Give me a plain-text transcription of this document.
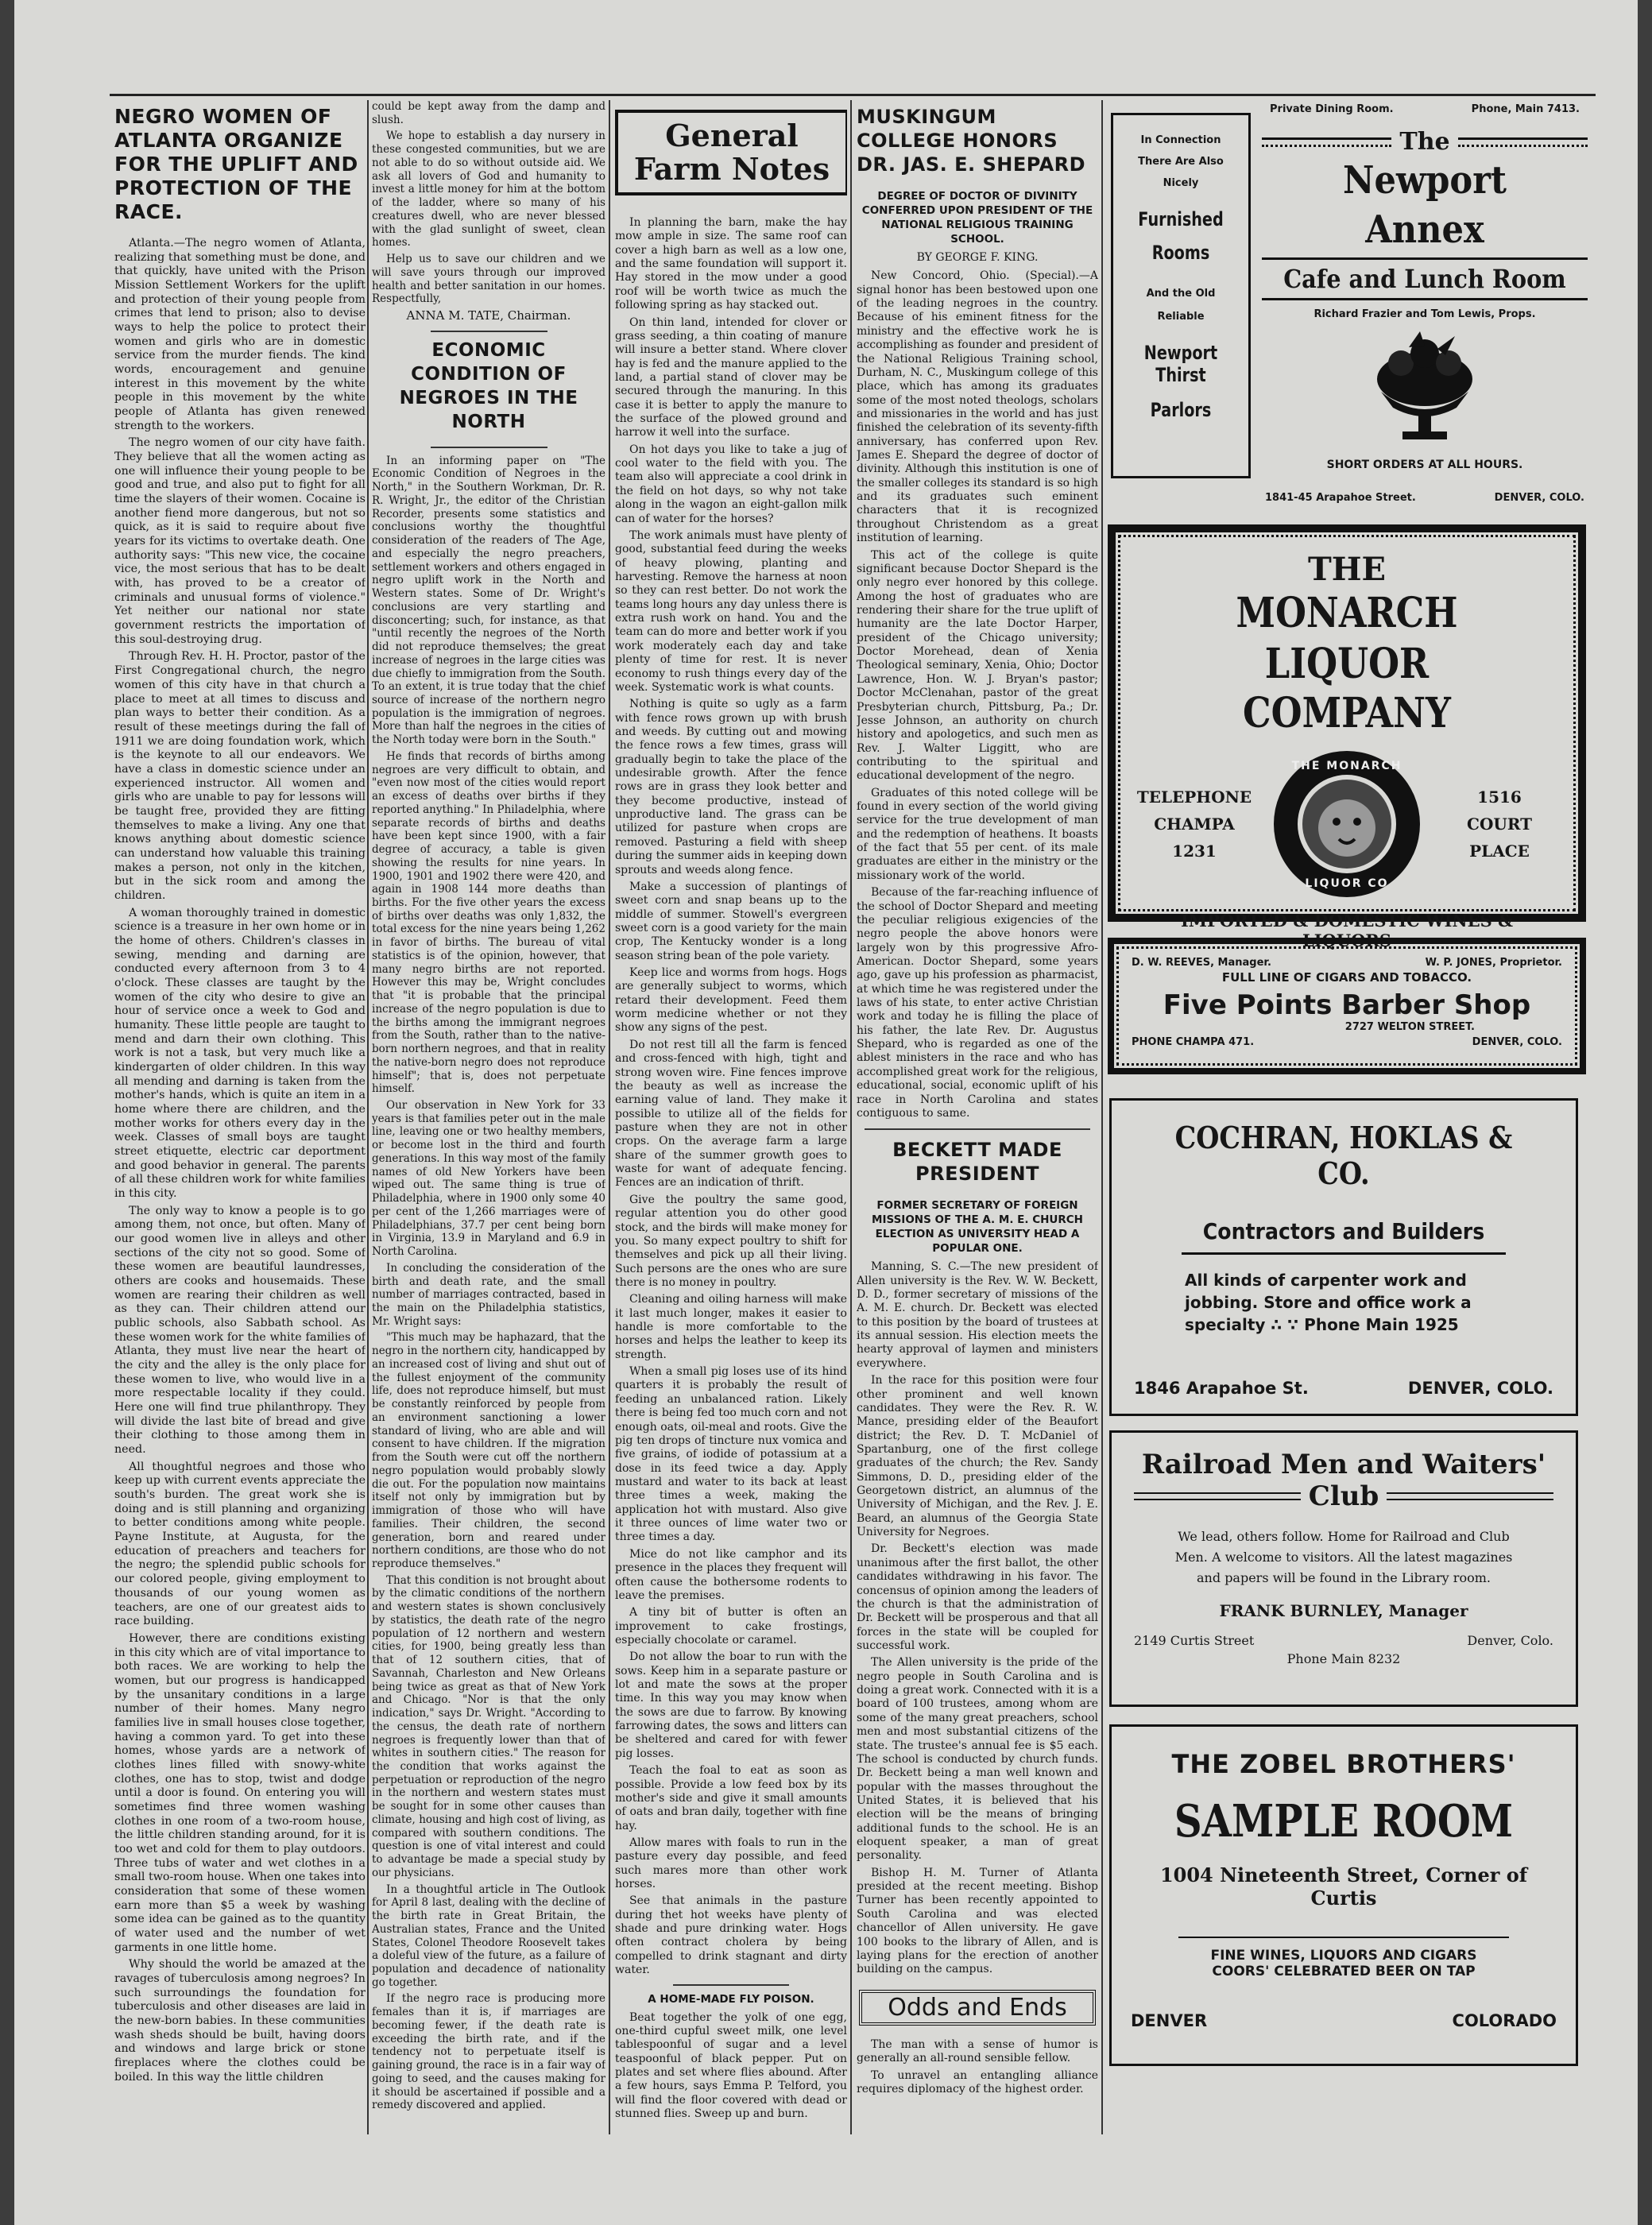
NEGRO WOMEN OF ATLANTA ORGANIZE FOR THE UPLIFT AND PROTECTION OF THE RACE.

Atlanta.—The negro women of Atlanta, realizing that something must be done, and that quickly, have united with the Prison Mission Settlement Workers for the uplift and protection of their young people from crimes that lend to prison; also to devise ways to help the police to protect their women and girls who are in domestic service from the murder fiends. The kind words, encouragement and genuine interest in this movement by the white people in this movement by the white people of Atlanta has given renewed strength to the workers.

The negro women of our city have faith. They believe that all the women acting as one will influence their young people to be good and true, and also put to fight for all time the slayers of their women. Cocaine is another fiend more dangerous, but not so quick, as it is said to require about five years for its victims to overtake death. One authority says: "This new vice, the cocaine vice, the most serious that has to be dealt with, has proved to be a creator of criminals and unusual forms of violence." Yet neither our national nor state government restricts the importation of this soul-destroying drug.

Through Rev. H. H. Proctor, pastor of the First Congregational church, the negro women of this city have in that church a place to meet at all times to discuss and plan ways to better their condition. As a result of these meetings during the fall of 1911 we are doing foundation work, which is the keynote to all our endeavors. We have a class in domestic science under an experienced instructor. All women and girls who are unable to pay for lessons will be taught free, provided they are fitting themselves to make a living. Any one that knows anything about domestic science can understand how valuable this training makes a person, not only in the kitchen, but in the sick room and among the children.

A woman thoroughly trained in domestic science is a treasure in her own home or in the home of others. Children's classes in sewing, mending and darning are conducted every afternoon from 3 to 4 o'clock. These classes are taught by the women of the city who desire to give an hour of service once a week to God and humanity. These little people are taught to mend and darn their own clothing. This work is not a task, but very much like a kindergarten of older children. In this way all mending and darning is taken from the mother's hands, which is quite an item in a home where there are children, and the mother works for others every day in the week. Classes of small boys are taught street etiquette, electric car deportment and good behavior in general. The parents of all these children work for white families in this city.

The only way to know a people is to go among them, not once, but often. Many of our good women live in alleys and other sections of the city not so good. Some of these women are beautiful laundresses, others are cooks and housemaids. These women are rearing their children as well as they can. Their children attend our public schools, also Sabbath school. As these women work for the white families of Atlanta, they must live near the heart of the city and the alley is the only place for these women to live, who would live in a more respectable locality if they could. Here one will find true philanthropy. They will divide the last bite of bread and give their clothing to those among them in need.

All thoughtful negroes and those who keep up with current events appreciate the south's burden. The great work she is doing and is still planning and organizing to better conditions among white people. Payne Institute, at Augusta, for the education of preachers and teachers for the negro; the splendid public schools for our colored people, giving employment to thousands of our young women as teachers, are one of our greatest aids to race building.

However, there are conditions existing in this city which are of vital importance to both races. We are working to help the women, but our progress is handicapped by the unsanitary conditions in a large number of their homes. Many negro families live in small houses close together, having a common yard. To get into these homes, whose yards are a network of clothes lines filled with snowy-white clothes, one has to stop, twist and dodge until a door is found. On entering you will sometimes find three women washing clothes in one room of a two-room house, the little children standing around, for it is too wet and cold for them to play outdoors. Three tubs of water and wet clothes in a small two-room house. When one takes into consideration that some of these women earn more than $5 a week by washing some idea can be gained as to the quantity of water used and the number of wet garments in one little home.

Why should the world be amazed at the ravages of tuberculosis among negroes? In such surroundings the foundation for tuberculosis and other diseases are laid in the new-born babies. In these communities wash sheds should be built, having doors and windows and large brick or stone fireplaces where the clothes could be boiled. In this way the little children

could be kept away from the damp and slush.

We hope to establish a day nursery in these congested communities, but we are not able to do so without outside aid. We ask all lovers of God and humanity to invest a little money for him at the bottom of the ladder, where so many of his creatures dwell, who are never blessed with the glad sunlight of sweet, clean homes.

Help us to save our children and we will save yours through our improved health and better sanitation in our homes. Respectfully,

ANNA M. TATE, Chairman.
ECONOMIC CONDITION OF NEGROES IN THE NORTH

In an informing paper on "The Economic Condition of Negroes in the North," in the Southern Workman, Dr. R. R. Wright, Jr., the editor of the Christian Recorder, presents some statistics and conclusions worthy the thoughtful consideration of the readers of The Age, and especially the negro preachers, settlement workers and others engaged in negro uplift work in the North and Western states. Some of Dr. Wright's conclusions are very startling and disconcerting; such, for instance, as that "until recently the negroes of the North did not reproduce themselves; the great increase of negroes in the large cities was due chiefly to immigration from the South. To an extent, it is true today that the chief source of increase of the northern negro population is the immigration of negroes. More than half the negroes in the cities of the North today were born in the South."

He finds that records of births among negroes are very difficult to obtain, and "even now most of the cities would report an excess of deaths over births if they reported anything." In Philadelphia, where separate records of births and deaths have been kept since 1900, with a fair degree of accuracy, a table is given showing the results for nine years. In 1900, 1901 and 1902 there were 420, and again in 1908 144 more deaths than births. For the five other years the excess of births over deaths was only 1,832, the total excess for the nine years being 1,262 in favor of births. The bureau of vital statistics is of the opinion, however, that many negro births are not reported. However this may be, Wright concludes that "it is probable that the principal increase of the negro population is due to the births among the immigrant negroes from the South, rather than to the native-born northern negroes, and that in reality the native-born negro does not reproduce himself"; that is, does not perpetuate himself.

Our observation in New York for 33 years is that families peter out in the male line, leaving one or two healthy members, or become lost in the third and fourth generations. In this way most of the family names of old New Yorkers have been wiped out. The same thing is true of Philadelphia, where in 1900 only some 40 per cent of the 1,266 marriages were of Philadelphians, 37.7 per cent being born in Virginia, 13.9 in Maryland and 6.9 in North Carolina.

In concluding the consideration of the birth and death rate, and the small number of marriages contracted, based in the main on the Philadelphia statistics, Mr. Wright says:

"This much may be haphazard, that the negro in the northern city, handicapped by an increased cost of living and shut out of the fullest enjoyment of the community life, does not reproduce himself, but must be constantly reinforced by people from an environment sanctioning a lower standard of living, who are able and will consent to have children. If the migration from the South were cut off the northern negro population would probably slowly die out. For the population now maintains itself not only by immigration but by immigration of those who will have families. Their children, the second generation, born and reared under northern conditions, are those who do not reproduce themselves."

That this condition is not brought about by the climatic conditions of the northern and western states is shown conclusively by statistics, the death rate of the negro population of 12 northern and western cities, for 1900, being greatly less than that of 12 southern cities, that of Savannah, Charleston and New Orleans being twice as great as that of New York and Chicago. "Nor is that the only indication," says Dr. Wright. "According to the census, the death rate of northern negroes is frequently lower than that of whites in southern cities." The reason for the condition that works against the perpetuation or reproduction of the negro in the northern and western states must be sought for in some other causes than climate, housing and high cost of living, as compared with southern conditions. The question is one of vital interest and could to advantage be made a special study by our physicians.

In a thoughtful article in The Outlook for April 8 last, dealing with the decline of the birth rate in Great Britain, the Australian states, France and the United States, Colonel Theodore Roosevelt takes a doleful view of the future, as a failure of population and decadence of nationality go together.

If the negro race is producing more females than it is, if marriages are becoming fewer, if the death rate is exceeding the birth rate, and if the tendency not to perpetuate itself is gaining ground, the race is in a fair way of going to seed, and the causes making for it should be ascertained if possible and a remedy discovered and applied.

General Farm Notes

In planning the barn, make the hay mow ample in size. The same roof can cover a high barn as well as a low one, and the same foundation will support it. Hay stored in the mow under a good roof will be worth twice as much the following spring as hay stacked out.

On thin land, intended for clover or grass seeding, a thin coating of manure will insure a better stand. Where clover hay is fed and the manure applied to the land, a partial stand of clover may be secured through the manuring. In this case it is better to apply the manure to the surface of the plowed ground and harrow it well into the surface.

On hot days you like to take a jug of cool water to the field with you. The team also will appreciate a cool drink in the field on hot days, so why not take along in the wagon an eight-gallon milk can of water for the horses?

The work animals must have plenty of good, substantial feed during the weeks of heavy plowing, planting and harvesting. Remove the harness at noon so they can rest better. Do not work the teams long hours any day unless there is extra rush work on hand. You and the team can do more and better work if you work moderately each day and take plenty of time for rest. It is never economy to rush things every day of the week. Systematic work is what counts.

Nothing is quite so ugly as a farm with fence rows grown up with brush and weeds. By cutting out and mowing the fence rows a few times, grass will gradually begin to take the place of the undesirable growth. After the fence rows are in grass they look better and they become productive, instead of unproductive land. The grass can be utilized for pasture when crops are removed. Pasturing a field with sheep during the summer aids in keeping down sprouts and weeds along fence.

Make a succession of plantings of sweet corn and snap beans up to the middle of summer. Stowell's evergreen sweet corn is a good variety for the main crop, The Kentucky wonder is a long season string bean of the pole variety.

Keep lice and worms from hogs. Hogs are generally subject to worms, which retard their development. Feed them worm medicine whether or not they show any signs of the pest.

Do not rest till all the farm is fenced and cross-fenced with high, tight and strong woven wire. Fine fences improve the beauty as well as increase the earning value of land. They make it possible to utilize all of the fields for pasture when they are not in other crops. On the average farm a large share of the summer growth goes to waste for want of adequate fencing. Fences are an indication of thrift.

Give the poultry the same good, regular attention you do other good stock, and the birds will make money for you. So many expect poultry to shift for themselves and pick up all their living. Such persons are the ones who are sure there is no money in poultry.

Cleaning and oiling harness will make it last much longer, makes it easier to handle is more comfortable to the horses and helps the leather to keep its strength.

When a small pig loses use of its hind quarters it is probably the result of feeding an unbalanced ration. Likely there is being fed too much corn and not enough oats, oil-meal and roots. Give the pig ten drops of tincture nux vomica and five grains, of iodide of potassium at a dose in its feed twice a day. Apply mustard and water to its back at least three times a week, making the application hot with mustard. Also give it three ounces of lime water two or three times a day.

Mice do not like camphor and its presence in the places they frequent will often cause the bothersome rodents to leave the premises.

A tiny bit of butter is often an improvement to cake frostings, especially chocolate or caramel.

Do not allow the boar to run with the sows. Keep him in a separate pasture or lot and mate the sows at the proper time. In this way you may know when the sows are due to farrow. By knowing farrowing dates, the sows and litters can be sheltered and cared for with fewer pig losses.

Teach the foal to eat as soon as possible. Provide a low feed box by its mother's side and give it small amounts of oats and bran daily, together with fine hay.

Allow mares with foals to run in the pasture every day possible, and feed such mares more than other work horses.

See that animals in the pasture during thet hot weeks have plenty of shade and pure drinking water. Hogs often contract cholera by being compelled to drink stagnant and dirty water.

A HOME-MADE FLY POISON.

Beat together the yolk of one egg, one-third cupful sweet milk, one level tablespoonful of sugar and a level teaspoonful of black pepper. Put on plates and set where flies abound. After a few hours, says Emma P. Telford, you will find the floor covered with dead or stunned flies. Sweep up and burn.

MUSKINGUM COLLEGE HONORS DR. JAS. E. SHEPARD
DEGREE OF DOCTOR OF DIVINITY CONFERRED UPON PRESIDENT OF THE NATIONAL RELIGIOUS TRAINING SCHOOL.
BY GEORGE F. KING.

New Concord, Ohio. (Special).—A signal honor has been bestowed upon one of the leading negroes in the country. Because of his eminent fitness for the ministry and the effective work he is accomplishing as founder and president of the National Religious Training school, Durham, N. C., Muskingum college of this place, which has among its graduates some of the most noted theologs, scholars and missionaries in the world and has just finished the celebration of its seventy-fifth anniversary, has conferred upon Rev. James E. Shepard the degree of doctor of divinity. Although this institution is one of the smaller colleges its standard is so high and its graduates such eminent characters that it is recognized throughout Christendom as a great institution of learning.

This act of the college is quite significant because Doctor Shepard is the only negro ever honored by this college. Among the host of graduates who are rendering their share for the true uplift of humanity are the late Doctor Harper, president of the Chicago university; Doctor Morehead, dean of Xenia Theological seminary, Xenia, Ohio; Doctor Lawrence, Hon. W. J. Bryan's pastor; Doctor McClenahan, pastor of the great Presbyterian church, Pittsburg, Pa.; Dr. Jesse Johnson, an authority on church history and apologetics, and such men as Rev. J. Walter Liggitt, who are contributing to the spiritual and educational development of the negro.

Graduates of this noted college will be found in every section of the world giving service for the true development of man and the redemption of heathens. It boasts of the fact that 55 per cent. of its male graduates are either in the ministry or the missionary work of the world.

Because of the far-reaching influence of the school of Doctor Shepard and meeting the peculiar religious exigencies of the negro people the above honors were largely won by this progressive Afro-American. Doctor Shepard, some years ago, gave up his profession as pharmacist, at which time he was registered under the laws of his state, to enter active Christian work and today he is filling the place of his father, the late Rev. Dr. Augustus Shepard, who is regarded as one of the ablest ministers in the race and who has accomplished great work for the religious, educational, social, economic uplift of his race in North Carolina and states contiguous to same.

BECKETT MADE PRESIDENT
FORMER SECRETARY OF FOREIGN MISSIONS OF THE A. M. E. CHURCH ELECTION AS UNIVERSITY HEAD A POPULAR ONE.

Manning, S. C.—The new president of Allen university is the Rev. W. W. Beckett, D. D., former secretary of missions of the A. M. E. church. Dr. Beckett was elected to this position by the board of trustees at its annual session. His election meets the hearty approval of laymen and ministers everywhere.

In the race for this position were four other prominent and well known candidates. They were the Rev. R. W. Mance, presiding elder of the Beaufort district; the Rev. D. T. McDaniel of Spartanburg, one of the first college graduates of the church; the Rev. Sandy Simmons, D. D., presiding elder of the Georgetown district, an alumnus of the University of Michigan, and the Rev. J. E. Beard, an alumnus of the Georgia State University for Negroes.

Dr. Beckett's election was made unanimous after the first ballot, the other candidates withdrawing in his favor. The concensus of opinion among the leaders of the church is that the administration of Dr. Beckett will be prosperous and that all forces in the state will be coupled for successful work.

The Allen university is the pride of the negro people in South Carolina and is doing a great work. Connected with it is a board of 100 trustees, among whom are some of the many great preachers, school men and most substantial citizens of the state. The trustee's annual fee is $5 each. The school is conducted by church funds. Dr. Beckett being a man well known and popular with the masses throughout the United States, it is believed that his election will be the means of bringing additional funds to the school. He is an eloquent speaker, a man of great personality.

Bishop H. M. Turner of Atlanta presided at the recent meeting. Bishop Turner has been recently appointed to South Carolina and was elected chancellor of Allen university. He gave 100 books to the library of Allen, and is laying plans for the erection of another building on the campus.

Odds and Ends

The man with a sense of humor is generally an all-round sensible fellow.

To unravel an entangling alliance requires diplomacy of the highest order.

In Connection
There Are Also
Nicely
Furnished
Rooms
And the Old
Reliable
Newport Thirst
Parlors
Private Dining Room.	Phone, Main 7413.
The
Newport Annex
Cafe and Lunch Room
Richard Frazier and Tom Lewis, Props.
SHORT ORDERS AT ALL HOURS.
1841-45 Arapahoe Street.	DENVER, COLO.
THE
MONARCH LIQUOR
COMPANY
TELEPHONE
CHAMPA 1231
THE MONARCH
LIQUOR CO
1516
COURT PLACE
IMPORTED & DOMESTIC WINES & LIQUORS
D. W. REEVES, Manager.	W. P. JONES, Proprietor.
FULL LINE OF CIGARS AND TOBACCO.
Five Points Barber Shop
2727 WELTON STREET.
PHONE CHAMPA 471.	DENVER, COLO.
COCHRAN, HOKLAS & CO.
Contractors and Builders
All kinds of carpenter work and
jobbing. Store and office work a
specialty ∴ ∵ Phone Main 1925
1846 Arapahoe St.	DENVER, COLO.
Railroad Men and Waiters'
Club
We lead, others follow. Home for Railroad and Club
Men. A welcome to visitors. All the latest magazines
and papers will be found in the Library room.
FRANK BURNLEY, Manager
2149 Curtis Street	Denver, Colo.
Phone Main 8232
THE ZOBEL BROTHERS'
SAMPLE ROOM
1004 Nineteenth Street, Corner of Curtis
FINE WINES, LIQUORS AND CIGARS
COORS' CELEBRATED BEER ON TAP
DENVER	COLORADO
